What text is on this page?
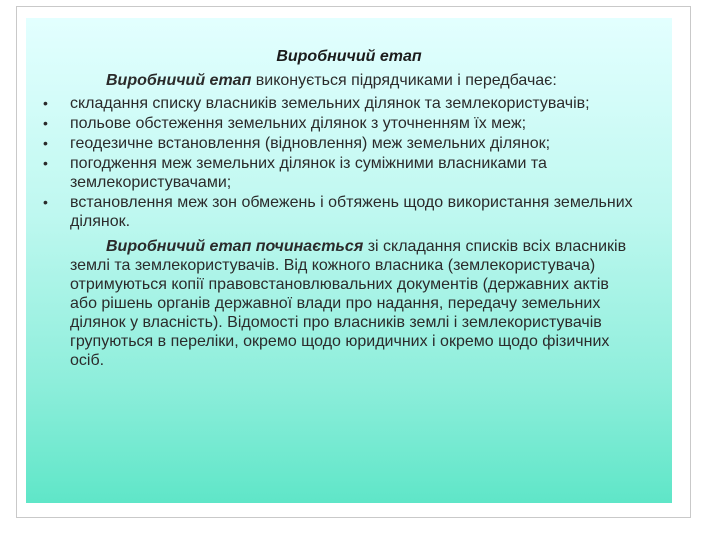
Виробничий етап
Виробничий етап виконується підрядчиками і передбачає:
• складання списку власників земельних ділянок та землекористувачів;
• польове обстеження земельних ділянок з уточненням їх меж;
• геодезичне встановлення (відновлення) меж земельних ділянок;
• погодження меж земельних ділянок із суміжними власниками та землекористувачами;
• встановлення меж зон обмежень і обтяжень щодо використання земельних ділянок.
Виробничий етап починається зі складання списків всіх власників землі та землекористувачів. Від кожного власника (землекористувача) отримуються копії правовстановлювальних документів (державних актів або рішень органів державної влади про надання, передачу земельних ділянок у власність). Відомості про власників землі і землекористувачів групуються в переліки, окремо щодо юридичних і окремо щодо фізичних осіб.
